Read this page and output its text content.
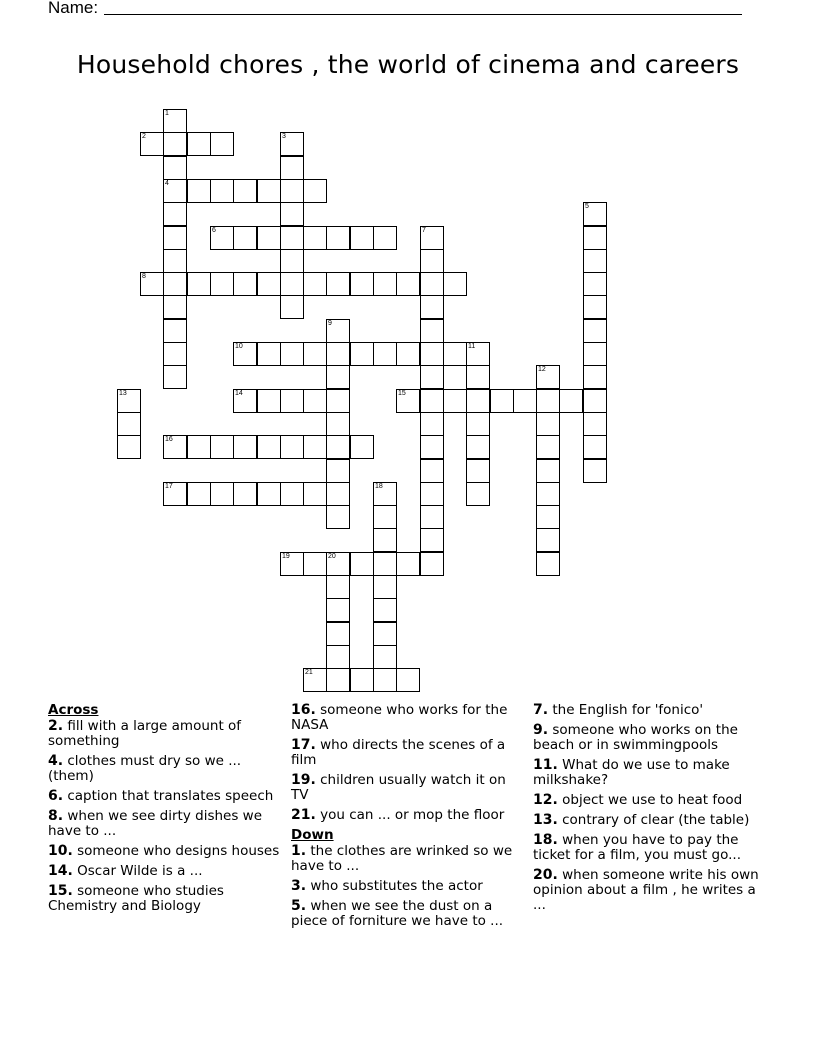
Name:
Household chores , the world of cinema and careers
2
4
6
8
10
14	15
16
17
19	20
21
1
3
5
7
9
11
12
13
18
Across
2. fill with a large amount of something
4. clothes must dry so we ... (them)
6. caption that translates speech
8. when we see dirty dishes we have to ...
10. someone who designs houses
14. Oscar Wilde is a ...
15. someone who studies Chemistry and Biology
16. someone who works for the NASA
17. who directs the scenes of a film
19. children usually watch it on TV
21. you can ... or mop the floor
Down
1. the clothes are wrinked so we have to ...
3. who substitutes the actor
5. when we see the dust on a piece of forniture we have to ...
7. the English for 'fonico'
9. someone who works on the beach or in swimmingpools
11. What do we use to make milkshake?
12. object we use to heat food
13. contrary of clear (the table)
18. when you have to pay the ticket for a film, you must go...
20. when someone write his own opinion about a film , he writes a ...
